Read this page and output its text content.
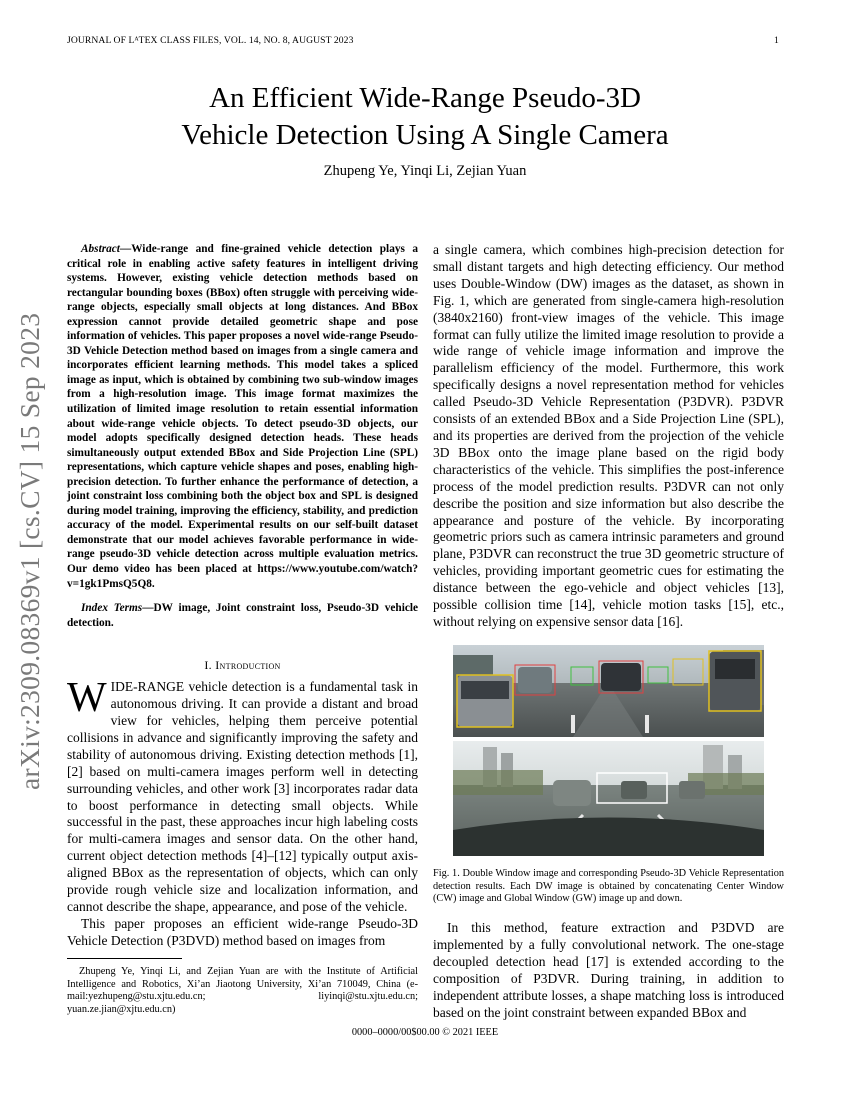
JOURNAL OF LᴬTEX CLASS FILES, VOL. 14, NO. 8, AUGUST 2023	1
arXiv:2309.08369v1 [cs.CV] 15 Sep 2023
An Efficient Wide-Range Pseudo-3D
Vehicle Detection Using A Single Camera
Zhupeng Ye, Yinqi Li, Zejian Yuan

Abstract—Wide-range and fine-grained vehicle detection plays a critical role in enabling active safety features in intelligent driving systems. However, existing vehicle detection methods based on rectangular bounding boxes (BBox) often struggle with perceiving wide-range objects, especially small objects at long distances. And BBox expression cannot provide detailed geometric shape and pose information of vehicles. This paper proposes a novel wide-range Pseudo-3D Vehicle Detection method based on images from a single camera and incorporates efficient learning methods. This model takes a spliced image as input, which is obtained by combining two sub-window images from a high-resolution image. This image format maximizes the utilization of limited image resolution to retain essential information about wide-range vehicle objects. To detect pseudo-3D objects, our model adopts specifically designed detection heads. These heads simultaneously output extended BBox and Side Projection Line (SPL) representations, which capture vehicle shapes and poses, enabling high-precision detection. To further enhance the performance of detection, a joint constraint loss combining both the object box and SPL is designed during model training, improving the efficiency, stability, and prediction accuracy of the model. Experimental results on our self-built dataset demonstrate that our model achieves favorable performance in wide-range pseudo-3D vehicle detection across multiple evaluation metrics. Our demo video has been placed at https://www.youtube.com/watch?v=1gk1PmsQ5Q8.

Index Terms—DW image, Joint constraint loss, Pseudo-3D vehicle detection.

I. Introduction

WIDE-RANGE vehicle detection is a fundamental task in autonomous driving. It can provide a distant and broad view for vehicles, helping them perceive potential collisions in advance and significantly improving the safety and stability of autonomous driving. Existing detection methods [1], [2] based on multi-camera images perform well in detecting surrounding vehicles, and other work [3] incorporates radar data to boost performance in detecting small objects. While successful in the past, these approaches incur high labeling costs for multi-camera images and sensor data. On the other hand, current object detection methods [4]–[12] typically output axis-aligned BBox as the representation of objects, which can only provide rough vehicle size and localization information, and cannot describe the shape, appearance, and pose of the vehicle.

This paper proposes an efficient wide-range Pseudo-3D Vehicle Detection (P3DVD) method based on images from

Zhupeng Ye, Yinqi Li, and Zejian Yuan are with the Institute of Artificial Intelligence and Robotics, Xi’an Jiaotong University, Xi’an 710049, China (e-mail:yezhupeng@stu.xjtu.edu.cn; liyinqi@stu.xjtu.edu.cn; yuan.ze.jian@xjtu.edu.cn)

a single camera, which combines high-precision detection for small distant targets and high detecting efficiency. Our method uses Double-Window (DW) images as the dataset, as shown in Fig. 1, which are generated from single-camera high-resolution (3840x2160) front-view images of the vehicle. This image format can fully utilize the limited image resolution to provide a wide range of vehicle image information and improve the parallelism efficiency of the model. Furthermore, this work specifically designs a novel representation method for vehicles called Pseudo-3D Vehicle Representation (P3DVR). P3DVR consists of an extended BBox and a Side Projection Line (SPL), and its properties are derived from the projection of the vehicle 3D BBox onto the image plane based on the rigid body characteristics of the vehicle. This simplifies the post-inference process of the model prediction results. P3DVR can not only describe the position and size information but also describe the appearance and posture of the vehicle. By incorporating geometric priors such as camera intrinsic parameters and ground plane, P3DVR can reconstruct the true 3D geometric structure of vehicles, providing important geometric cues for estimating the distance between the ego-vehicle and object vehicles [13], possible collision time [14], vehicle motion tasks [15], etc., without relying on expensive sensor data [16].

Fig. 1. Double Window image and corresponding Pseudo-3D Vehicle Representation detection results. Each DW image is obtained by concatenating Center Window (CW) image and Global Window (GW) image up and down.

In this method, feature extraction and P3DVD are implemented by a fully convolutional network. The one-stage decoupled detection head [17] is extended according to the composition of P3DVR. During training, in addition to independent attribute losses, a shape matching loss is introduced based on the joint constraint between expanded BBox and

0000–0000/00$00.00 © 2021 IEEE
